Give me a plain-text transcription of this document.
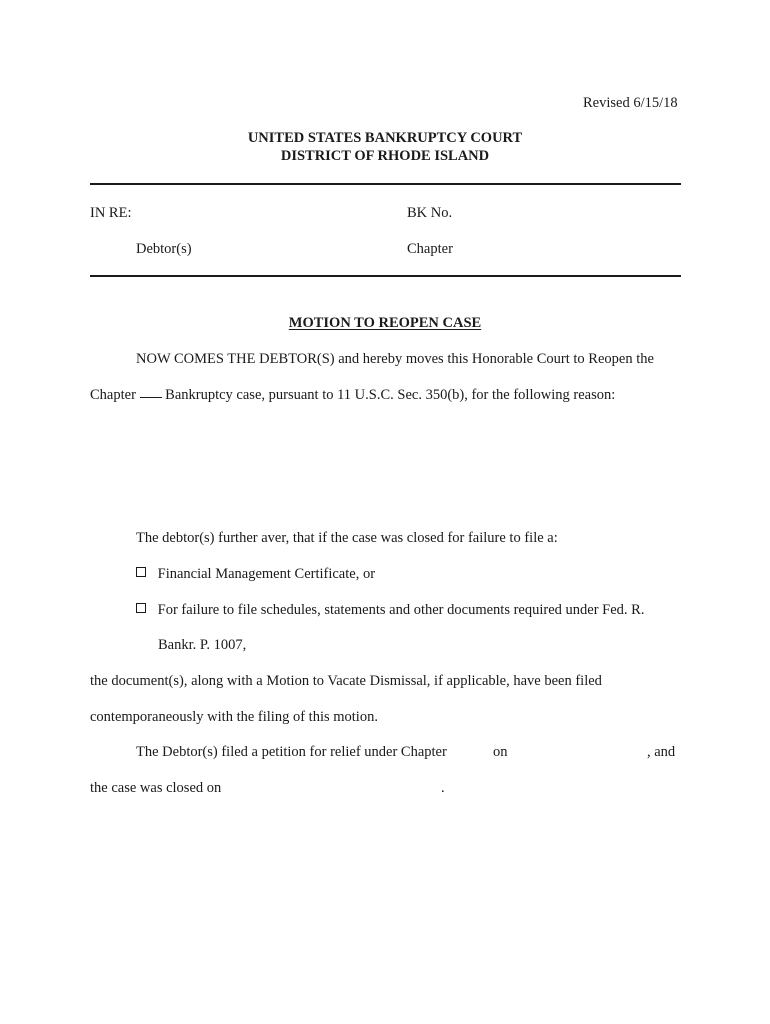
Revised 6/15/18
UNITED STATES BANKRUPTCY COURT
DISTRICT OF RHODE ISLAND
IN RE:	BK No.
Debtor(s)	Chapter
MOTION TO REOPEN CASE
NOW COMES THE DEBTOR(S) and hereby moves this Honorable Court to Reopen the
Chapter  Bankruptcy case, pursuant to 11 U.S.C. Sec. 350(b), for the following reason:
The debtor(s) further aver, that if the case was closed for failure to file a:
Financial Management Certificate, or
For failure to file schedules, statements and other documents required under Fed. R.
Bankr. P. 1007,
the document(s), along with a Motion to Vacate Dismissal, if applicable, have been filed
contemporaneously with the filing of this motion.
The Debtor(s) filed a petition for relief under Chapter	on	, and
the case was closed on	.
